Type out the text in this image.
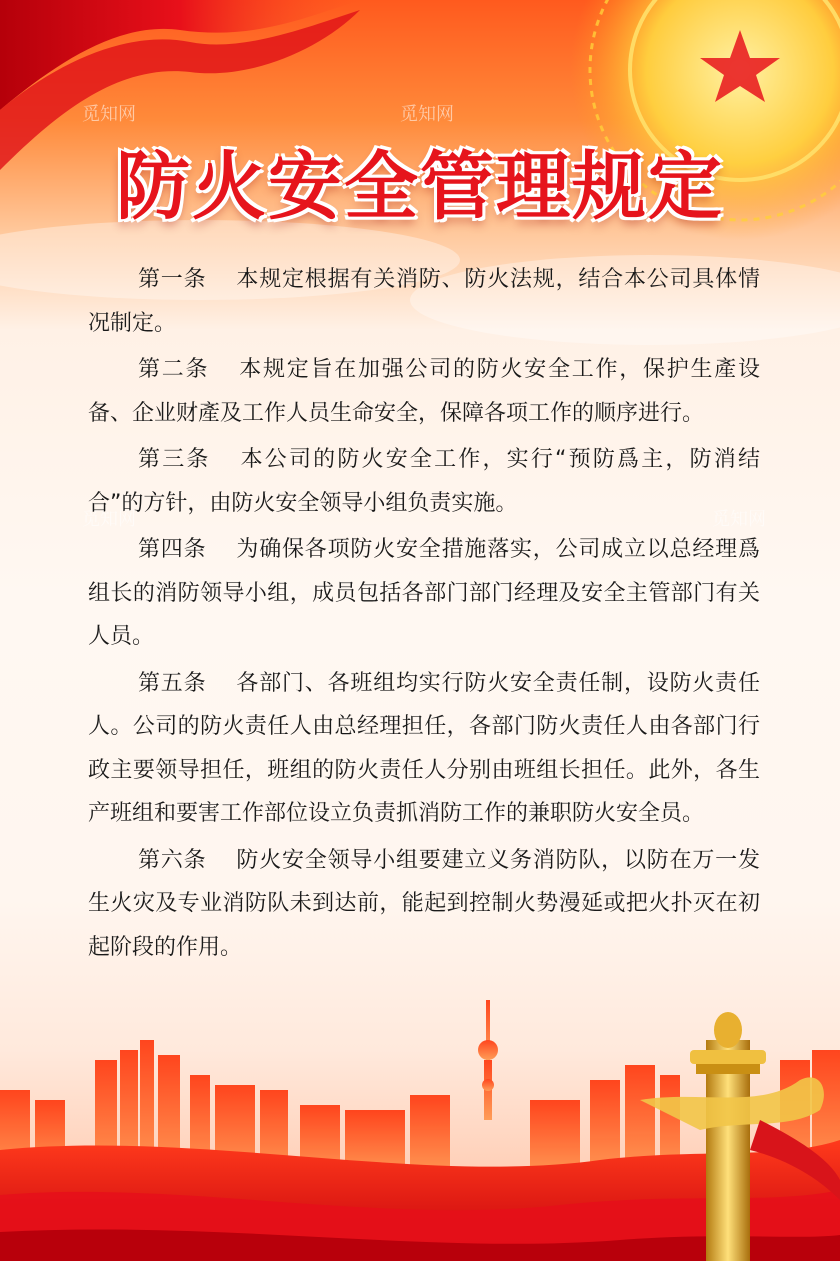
觅知网	觅知网
觅知网	觅知网
防火安全管理规定

第一条 本规定根据有关消防、防火法规，结合本公司具体情况制定。

第二条 本规定旨在加强公司的防火安全工作，保护生產设备、企业财產及工作人员生命安全，保障各项工作的顺序进行。

第三条 本公司的防火安全工作，实行“预防爲主，防消结合”的方针，由防火安全领导小组负责实施。

第四条 为确保各项防火安全措施落实，公司成立以总经理爲组长的消防领导小组，成员包括各部门部门经理及安全主管部门有关人员。

第五条 各部门、各班组均实行防火安全责任制，设防火责任人。公司的防火责任人由总经理担任，各部门防火责任人由各部门行政主要领导担任，班组的防火责任人分别由班组长担任。此外，各生产班组和要害工作部位设立负责抓消防工作的兼职防火安全员。

第六条 防火安全领导小组要建立义务消防队，以防在万一发生火灾及专业消防队未到达前，能起到控制火势漫延或把火扑灭在初起阶段的作用。
